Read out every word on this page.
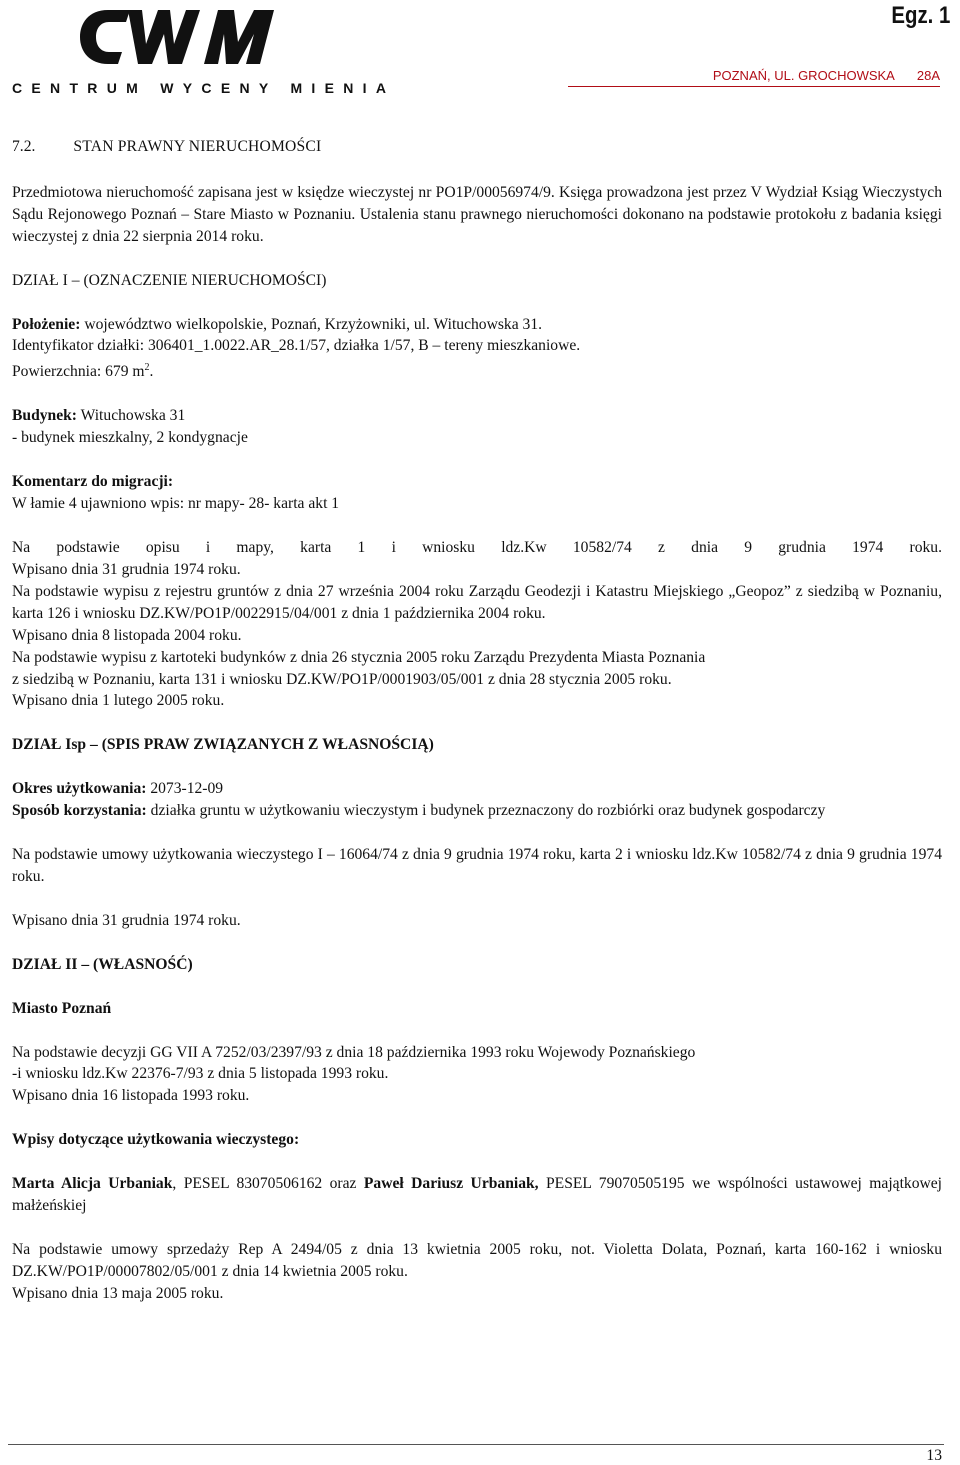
CENTRUM WYCENY MIENIA
Egz. 1
POZNAŃ, UL. GROCHOWSKA 28A

7.2. STAN PRAWNY NIERUCHOMOŚCI

Przedmiotowa nieruchomość zapisana jest w księdze wieczystej nr PO1P/00056974/9. Księga prowadzona jest przez V Wydział Ksiąg Wieczystych Sądu Rejonowego Poznań – Stare Miasto w Poznaniu. Ustalenia stanu prawnego nieruchomości dokonano na podstawie protokołu z badania księgi wieczystej z dnia 22 sierpnia 2014 roku.

DZIAŁ I – (OZNACZENIE NIERUCHOMOŚCI)

Położenie: województwo wielkopolskie, Poznań, Krzyżowniki, ul. Wituchowska 31.

Identyfikator działki: 306401_1.0022.AR_28.1/57, działka 1/57, B – tereny mieszkaniowe.

Powierzchnia: 679 $m^2$.

Budynek: Wituchowska 31

- budynek mieszkalny, 2 kondygnacje

Komentarz do migracji:

W łamie 4 ujawniono wpis: nr mapy- 28- karta akt 1

Na podstawie opisu i mapy, karta 1 i wniosku ldz.Kw 10582/74 z dnia 9 grudnia 1974 roku.

Wpisano dnia 31 grudnia 1974 roku.

Na podstawie wypisu z rejestru gruntów z dnia 27 września 2004 roku Zarządu Geodezji i Katastru Miejskiego „Geopoz” z siedzibą w Poznaniu, karta 126 i wniosku DZ.KW/PO1P/0022915/04/001 z dnia 1 października 2004 roku.

Wpisano dnia 8 listopada 2004 roku.

Na podstawie wypisu z kartoteki budynków z dnia 26 stycznia 2005 roku Zarządu Prezydenta Miasta Poznania

z siedzibą w Poznaniu, karta 131 i wniosku DZ.KW/PO1P/0001903/05/001 z dnia 28 stycznia 2005 roku.

Wpisano dnia 1 lutego 2005 roku.

DZIAŁ Isp – (SPIS PRAW ZWIĄZANYCH Z WŁASNOŚCIĄ)

Okres użytkowania: 2073-12-09

Sposób korzystania: działka gruntu w użytkowaniu wieczystym i budynek przeznaczony do rozbiórki oraz budynek gospodarczy

Na podstawie umowy użytkowania wieczystego I – 16064/74 z dnia 9 grudnia 1974 roku, karta 2 i wniosku ldz.Kw 10582/74 z dnia 9 grudnia 1974 roku.

Wpisano dnia 31 grudnia 1974 roku.

DZIAŁ II – (WŁASNOŚĆ)

Miasto Poznań

Na podstawie decyzji GG VII A 7252/03/2397/93 z dnia 18 października 1993 roku Wojewody Poznańskiego

-i wniosku ldz.Kw 22376-7/93 z dnia 5 listopada 1993 roku.

Wpisano dnia 16 listopada 1993 roku.

Wpisy dotyczące użytkowania wieczystego:

Marta Alicja Urbaniak, PESEL 83070506162 oraz Paweł Dariusz Urbaniak, PESEL 79070505195 we wspólności ustawowej majątkowej małżeńskiej

Na podstawie umowy sprzedaży Rep A 2494/05 z dnia 13 kwietnia 2005 roku, not. Violetta Dolata, Poznań, karta 160-162 i wniosku DZ.KW/PO1P/00007802/05/001 z dnia 14 kwietnia 2005 roku.

Wpisano dnia 13 maja 2005 roku.

13
